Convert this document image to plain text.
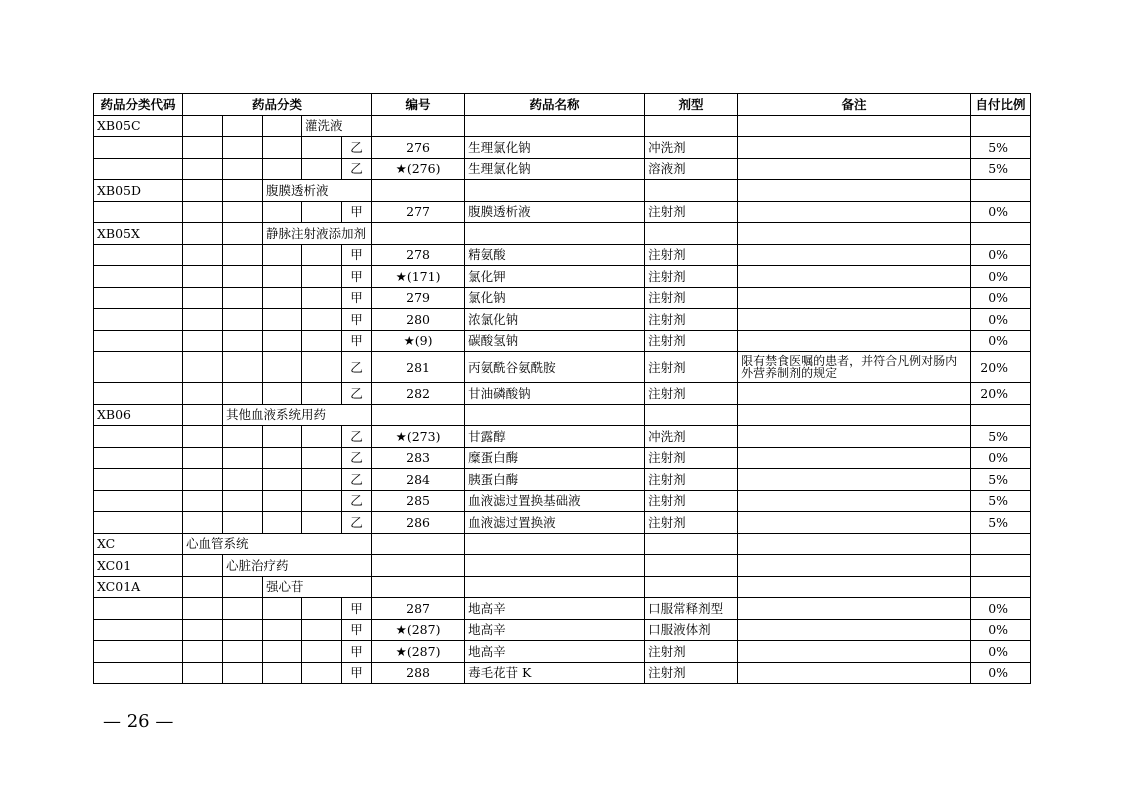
药品分类代码	药品分类					编号	药品名称	剂型	备注	自付比例
XB05C				灌洗液						
					乙	276	生理氯化钠	冲洗剂		5%
					乙	★(276)	生理氯化钠	溶液剂		5%
XB05D			腹膜透析液							
					甲	277	腹膜透析液	注射剂		0%
XB05X			静脉注射液添加剂							
					甲	278	精氨酸	注射剂		0%
					甲	★(171)	氯化钾	注射剂		0%
					甲	279	氯化钠	注射剂		0%
					甲	280	浓氯化钠	注射剂		0%
					甲	★(9)	碳酸氢钠	注射剂		0%
					乙	281	丙氨酰谷氨酰胺	注射剂	限有禁食医嘱的患者，并符合凡例对肠内外营养制剂的规定	20%
					乙	282	甘油磷酸钠	注射剂		20%
XB06		其他血液系统用药								
					乙	★(273)	甘露醇	冲洗剂		5%
					乙	283	糜蛋白酶	注射剂		0%
					乙	284	胰蛋白酶	注射剂		5%
					乙	285	血液滤过置换基础液	注射剂		5%
					乙	286	血液滤过置换液	注射剂		5%
XC	心血管系统									
XC01		心脏治疗药								
XC01A			强心苷							
					甲	287	地高辛	口服常释剂型		0%
					甲	★(287)	地高辛	口服液体剂		0%
					甲	★(287)	地高辛	注射剂		0%
					甲	288	毒毛花苷 K	注射剂		0%
— 26 —
